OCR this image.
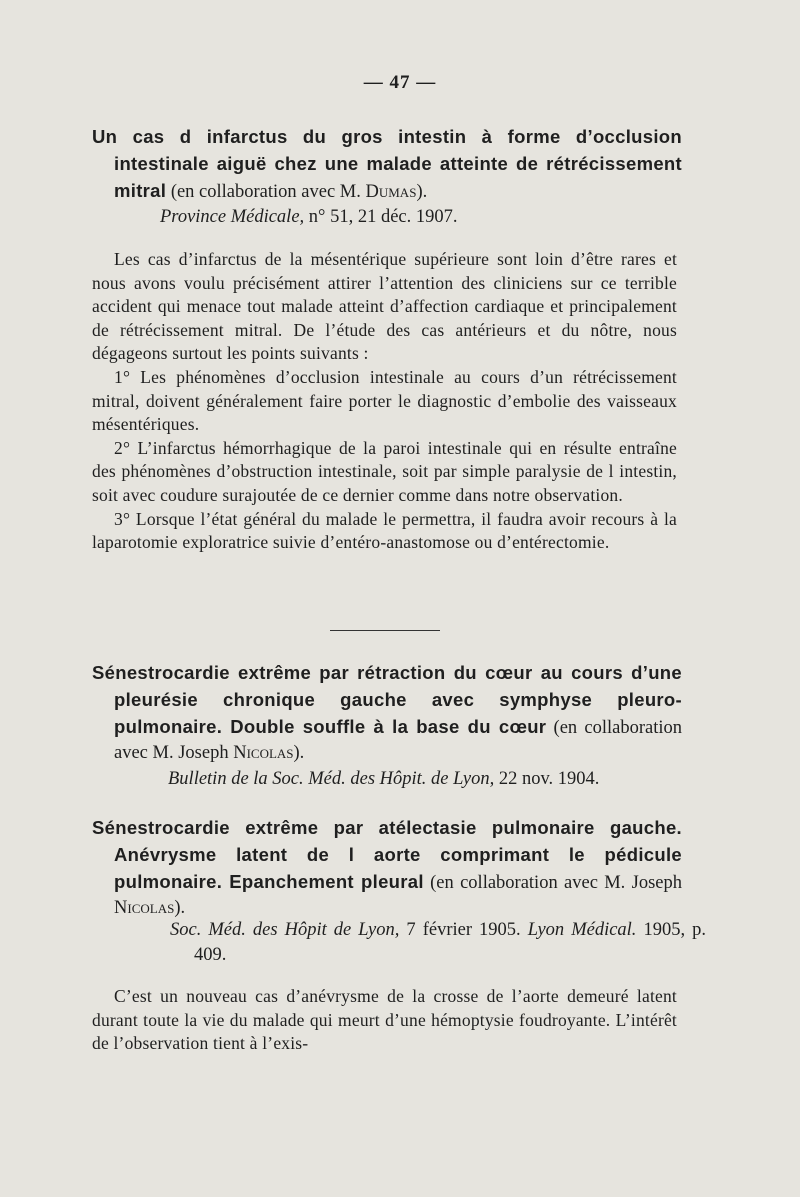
— 47 —

Un cas d infarctus du gros intestin à forme d’occlusion intestinale aiguë chez une malade atteinte de rétrécissement mitral (en collaboration avec M. Dumas).

Province Médicale, n° 51, 21 déc. 1907.

Les cas d’infarctus de la mésentérique supérieure sont loin d’être rares et nous avons voulu précisément attirer l’attention des cliniciens sur ce terrible accident qui menace tout malade atteint d’affection cardiaque et principalement de rétrécissement mitral. De l’étude des cas antérieurs et du nôtre, nous dégageons surtout les points suivants :

1° Les phénomènes d’occlusion intestinale au cours d’un rétrécissement mitral, doivent généralement faire porter le diagnostic d’embolie des vaisseaux mésentériques.

2° L’infarctus hémorrhagique de la paroi intestinale qui en résulte entraîne des phénomènes d’obstruction intestinale, soit par simple paralysie de l intestin, soit avec coudure surajoutée de ce dernier comme dans notre observation.

3° Lorsque l’état général du malade le permettra, il faudra avoir recours à la laparotomie exploratrice suivie d’entéro-anastomose ou d’entérectomie.

Sénestrocardie extrême par rétraction du cœur au cours d’une pleurésie chronique gauche avec symphyse pleuro-pulmonaire. Double souffle à la base du cœur (en collaboration avec M. Joseph Nicolas).

Bulletin de la Soc. Méd. des Hôpit. de Lyon, 22 nov. 1904.

Sénestrocardie extrême par atélectasie pulmonaire gauche. Anévrysme latent de l aorte comprimant le pédicule pulmonaire. Epanchement pleural (en collaboration avec M. Joseph Nicolas).

Soc. Méd. des Hôpit de Lyon, 7 février 1905. Lyon Médical. 1905, p. 409.

C’est un nouveau cas d’anévrysme de la crosse de l’aorte demeuré latent durant toute la vie du malade qui meurt d’une hémoptysie foudroyante. L’intérêt de l’observation tient à l’exis-
